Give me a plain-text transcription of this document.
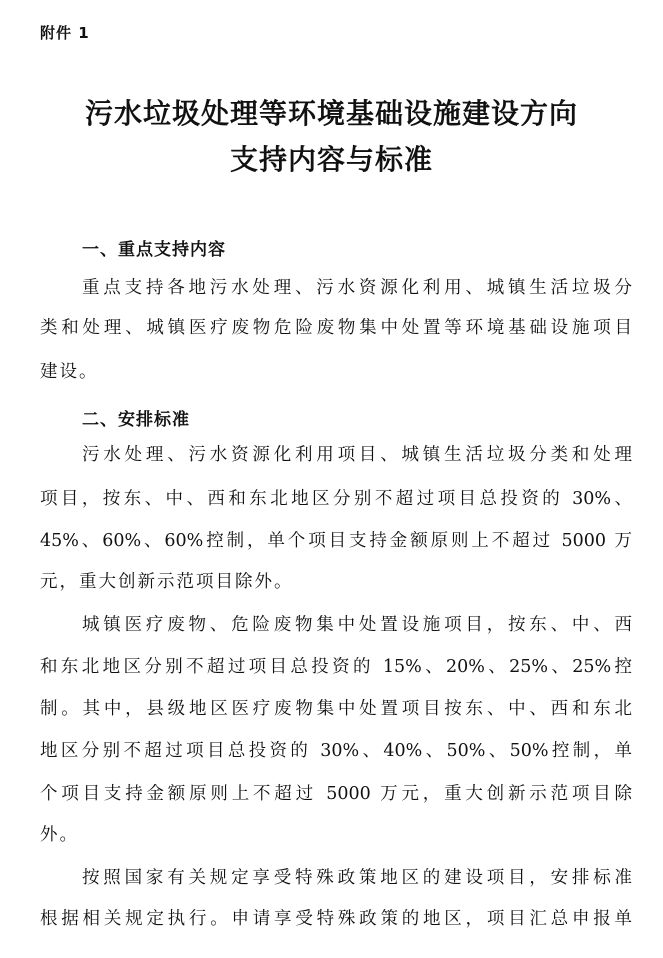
附件 1
污水垃圾处理等环境基础设施建设方向
支持内容与标准
一、重点支持内容
重点支持各地污水处理、污水资源化利用、城镇生活垃圾分
类和处理、城镇医疗废物危险废物集中处置等环境基础设施项目
建设。
二、安排标准
污水处理、污水资源化利用项目、城镇生活垃圾分类和处理
项目，按东、中、西和东北地区分别不超过项目总投资的 30%、
45%、60%、60%控制，单个项目支持金额原则上不超过 5000 万
元，重大创新示范项目除外。
城镇医疗废物、危险废物集中处置设施项目，按东、中、西
和东北地区分别不超过项目总投资的 15%、20%、25%、25%控
制。其中，县级地区医疗废物集中处置项目按东、中、西和东北
地区分别不超过项目总投资的 30%、40%、50%、50%控制，单
个项目支持金额原则上不超过 5000 万元，重大创新示范项目除
外。
按照国家有关规定享受特殊政策地区的建设项目，安排标准
根据相关规定执行。申请享受特殊政策的地区，项目汇总申报单
